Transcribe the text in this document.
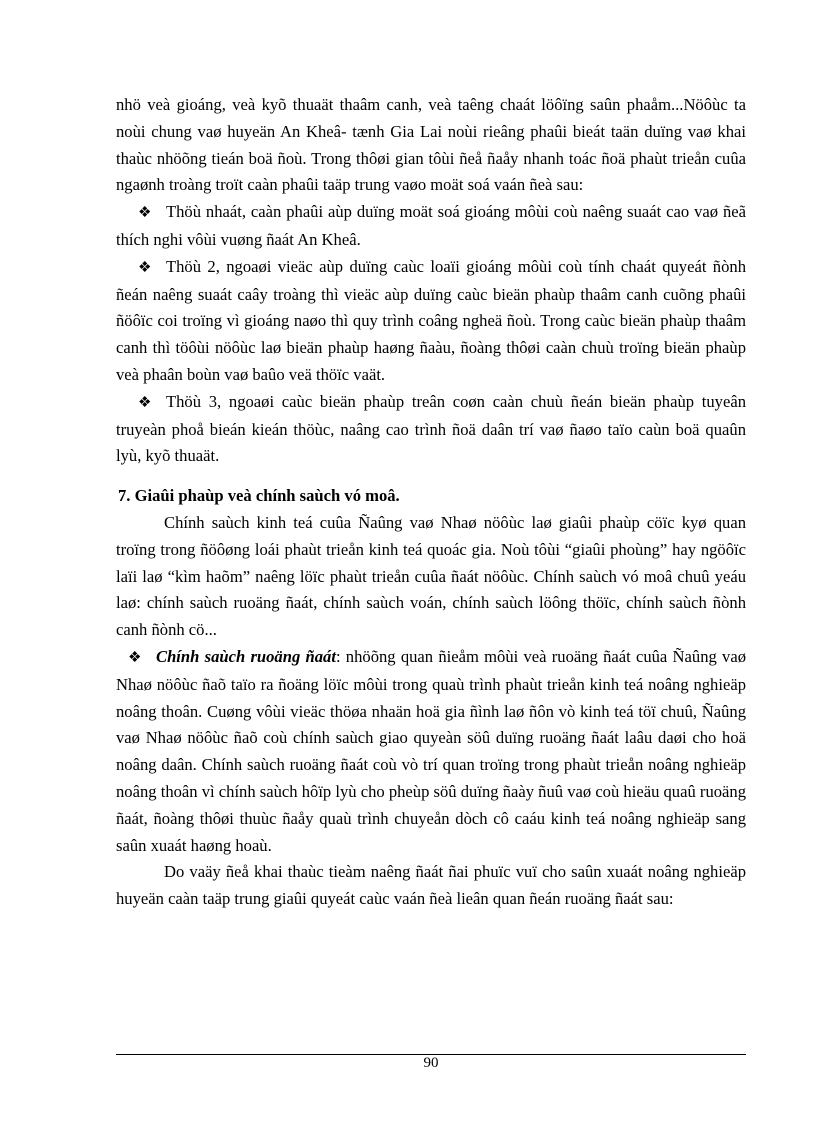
nhö veà gioáng, veà kyõ thuaät thaâm canh, veà taêng chaát löôïng saûn phaåm...Nöôùc ta noùi chung vaø huyeän An Kheâ- tænh Gia Lai noùi rieâng phaûi bieát taän duïng vaø khai thaùc nhöõng tieán boä ñoù. Trong thôøi gian tôùi ñeå ñaåy nhanh toác ñoä phaùt trieån cuûa ngaønh troàng troït caàn phaûi taäp trung vaøo moät soá vaán ñeà sau:

❖ Thöù nhaát, caàn phaûi aùp duïng moät soá gioáng môùi coù naêng suaát cao vaø ñeã thích nghi vôùi vuøng ñaát An Kheâ.

❖ Thöù 2, ngoaøi vieäc aùp duïng caùc loaïi gioáng môùi coù tính chaát quyeát ñònh ñeán naêng suaát caây troàng thì vieäc aùp duïng caùc bieän phaùp thaâm canh cuõng phaûi ñöôïc coi troïng vì gioáng naøo thì quy trình coâng ngheä ñoù. Trong caùc bieän phaùp thaâm canh thì töôùi nöôùc laø bieän phaùp haøng ñaàu, ñoàng thôøi caàn chuù troïng bieän phaùp veà phaân boùn vaø baûo veä thöïc vaät.

❖ Thöù 3, ngoaøi caùc bieän phaùp treân coøn caàn chuù ñeán bieän phaùp tuyeân truyeàn phoå bieán kieán thöùc, naâng cao trình ñoä daân trí vaø ñaøo taïo caùn boä quaûn lyù, kyõ thuaät.

7. Giaûi phaùp veà chính saùch vó moâ.

Chính saùch kinh teá cuûa Ñaûng vaø Nhaø nöôùc laø giaûi phaùp cöïc kyø quan troïng trong ñöôøng loái phaùt trieån kinh teá quoác gia. Noù tôùi “giaûi phoùng” hay ngöôïc laïi laø “kìm haõm” naêng löïc phaùt trieån cuûa ñaát nöôùc. Chính saùch vó moâ chuû yeáu laø: chính saùch ruoäng ñaát, chính saùch voán, chính saùch löông thöïc, chính saùch ñònh canh ñònh cö...

❖ Chính saùch ruoäng ñaát: nhöõng quan ñieåm môùi veà ruoäng ñaát cuûa Ñaûng vaø Nhaø nöôùc ñaõ taïo ra ñoäng löïc môùi trong quaù trình phaùt trieån kinh teá noâng nghieäp noâng thoân. Cuøng vôùi vieäc thöøa nhaän hoä gia ñình laø ñôn vò kinh teá töï chuû, Ñaûng vaø Nhaø nöôùc ñaõ coù chính saùch giao quyeàn söû duïng ruoäng ñaát laâu daøi cho hoä noâng daân. Chính saùch ruoäng ñaát coù vò trí quan troïng trong phaùt trieån noâng nghieäp noâng thoân vì chính saùch hôïp lyù cho pheùp söû duïng ñaày ñuû vaø coù hieäu quaû ruoäng ñaát, ñoàng thôøi thuùc ñaåy quaù trình chuyeån dòch cô caáu kinh teá noâng nghieäp sang saûn xuaát haøng hoaù.

Do vaäy ñeå khai thaùc tieàm naêng ñaát ñai phuïc vuï cho saûn xuaát noâng nghieäp huyeän caàn taäp trung giaûi quyeát caùc vaán ñeà lieân quan ñeán ruoäng ñaát sau:

90
